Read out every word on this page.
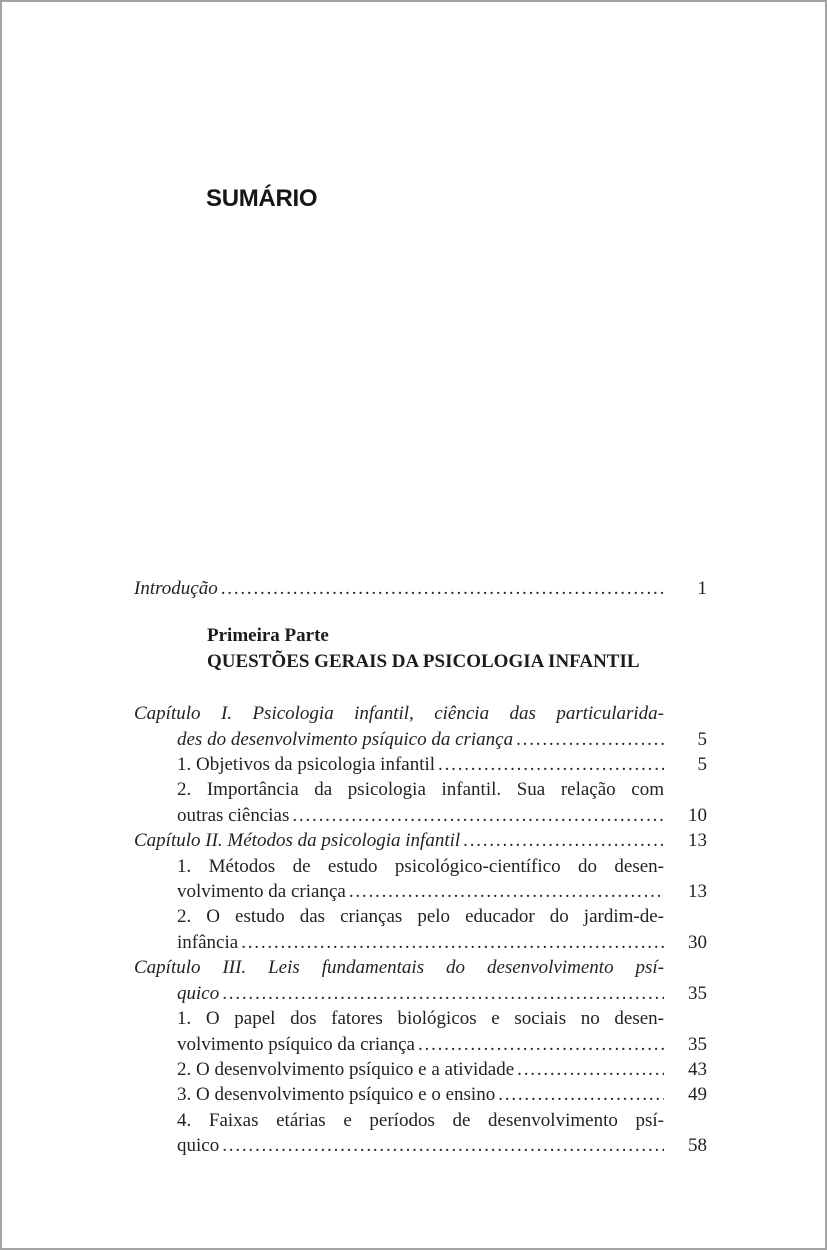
SUMÁRIO
Introdução .....	1
Primeira Parte
QUESTÕES GERAIS DA PSICOLOGIA INFANTIL
Capítulo I. Psicologia infantil, ciência das particularida-
des do desenvolvimento psíquico da criança .....	5
1. Objetivos da psicologia infantil .....	5
2. Importância da psicologia infantil. Sua relação com
outras ciências .....	10
Capítulo II. Métodos da psicologia infantil .....	13
1. Métodos de estudo psicológico-científico do desen-
volvimento da criança .....	13
2. O estudo das crianças pelo educador do jardim-de-
infância .....	30
Capítulo III. Leis fundamentais do desenvolvimento psí-
quico .....	35
1. O papel dos fatores biológicos e sociais no desen-
volvimento psíquico da criança .....	35
2. O desenvolvimento psíquico e a atividade .....	43
3. O desenvolvimento psíquico e o ensino .....	49
4. Faixas etárias e períodos de desenvolvimento psí-
quico .....	58
